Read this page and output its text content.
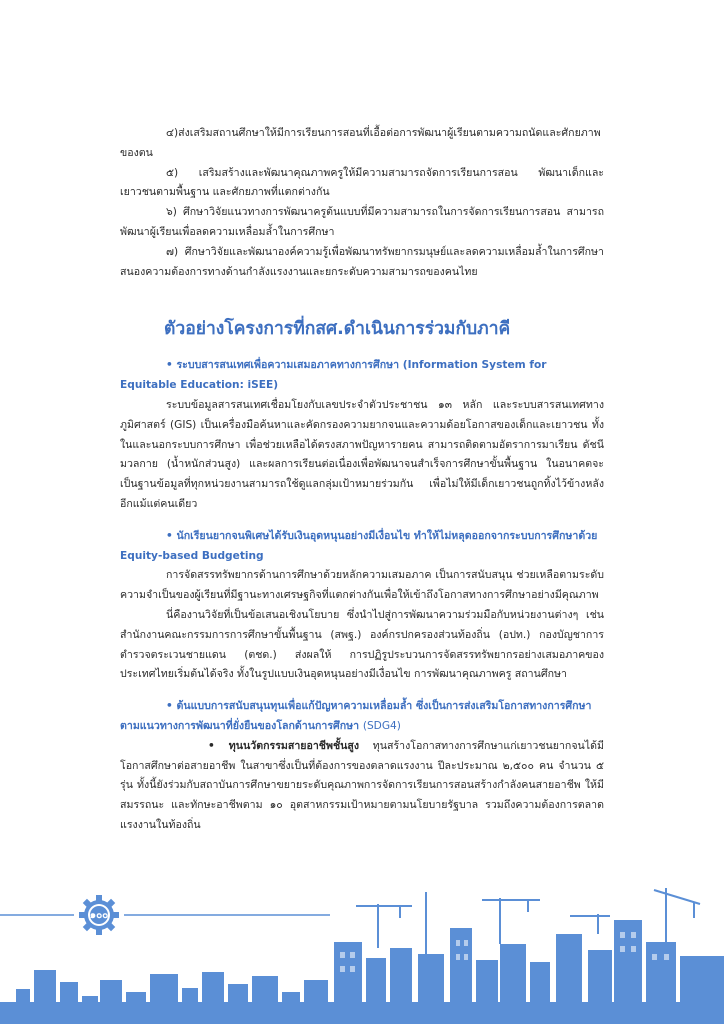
๔)ส่งเสริมสถานศึกษาให้มีการเรียนการสอนที่เอื้อต่อการพัฒนาผู้เรียนตามความถนัดและศักยภาพของตน

๕) เสริมสร้างและพัฒนาคุณภาพครูให้มีความสามารถจัดการเรียนการสอน พัฒนาเด็กและเยาวชนตามพื้นฐาน และศักยภาพที่แตกต่างกัน

๖) ศึกษาวิจัยแนวทางการพัฒนาครูต้นแบบที่มีความสามารถในการจัดการเรียนการสอน สามารถพัฒนาผู้เรียนเพื่อลดความเหลื่อมล้ำในการศึกษา

๗) ศึกษาวิจัยและพัฒนาองค์ความรู้เพื่อพัฒนาทรัพยากรมนุษย์และลดความเหลื่อมล้ำในการศึกษาสนองความต้องการทางด้านกำลังแรงงานและยกระดับความสามารถของคนไทย

ตัวอย่างโครงการที่กสศ.ดำเนินการร่วมกับภาคี
• ระบบสารสนเทศเพื่อความเสมอภาคทางการศึกษา (Information System for Equitable Education: iSEE)

ระบบข้อมูลสารสนเทศเชื่อมโยงกับเลขประจำตัวประชาชน ๑๓ หลัก และระบบสารสนเทศทางภูมิศาสตร์ (GIS) เป็นเครื่องมือค้นหาและคัดกรองความยากจนและความด้อยโอกาสของเด็กและเยาวชน ทั้งในและนอกระบบการศึกษา เพื่อช่วยเหลือได้ตรงสภาพปัญหารายคน สามารถติดตามอัตราการมาเรียน ดัชนีมวลกาย (น้ำหนักส่วนสูง) และผลการเรียนต่อเนื่องเพื่อพัฒนาจนสำเร็จการศึกษาขั้นพื้นฐาน ในอนาคตจะเป็นฐานข้อมูลที่ทุกหน่วยงานสามารถใช้ดูแลกลุ่มเป้าหมายร่วมกัน เพื่อไม่ให้มีเด็กเยาวชนถูกทิ้งไว้ข้างหลังอีกแม้แต่คนเดียว

• นักเรียนยากจนพิเศษได้รับเงินอุดหนุนอย่างมีเงื่อนไข ทำให้ไม่หลุดออกจากระบบการศึกษาด้วย Equity-based Budgeting

การจัดสรรทรัพยากรด้านการศึกษาด้วยหลักความเสมอภาค เป็นการสนับสนุน ช่วยเหลือตามระดับความจำเป็นของผู้เรียนที่มีฐานะทางเศรษฐกิจที่แตกต่างกันเพื่อให้เข้าถึงโอกาสทางการศึกษาอย่างมีคุณภาพ

นี่คืองานวิจัยที่เป็นข้อเสนอเชิงนโยบาย ซึ่งนำไปสู่การพัฒนาความร่วมมือกับหน่วยงานต่างๆ เช่น สำนักงานคณะกรรมการการศึกษาขั้นพื้นฐาน (สพฐ.) องค์กรปกครองส่วนท้องถิ่น (อปท.) กองบัญชาการตำรวจตระเวนชายแดน (ตชด.) ส่งผลให้ การปฏิรูประบวนการจัดสรรทรัพยากรอย่างเสมอภาคของประเทศไทยเริ่มต้นได้จริง ทั้งในรูปแบบเงินอุดหนุนอย่างมีเงื่อนไข การพัฒนาคุณภาพครู สถานศึกษา

• ต้นแบบการสนับสนุนทุนเพื่อแก้ปัญหาความเหลื่อมล้ำ ซึ่งเป็นการส่งเสริมโอกาสทางการศึกษาตามแนวทางการพัฒนาที่ยั่งยืนของโลกด้านการศึกษา (SDG4)

• ทุนนวัตกรรมสายอาชีพชั้นสูง ทุนสร้างโอกาสทางการศึกษาแก่เยาวชนยากจนได้มีโอกาสศึกษาต่อสายอาชีพ ในสาขาซึ่งเป็นที่ต้องการของตลาดแรงงาน ปีละประมาณ ๒,๕๐๐ คน จำนวน ๕ รุ่น ทั้งนี้ยังร่วมกับสถาบันการศึกษาขยายระดับคุณภาพการจัดการเรียนการสอนสร้างกำลังคนสายอาชีพ ให้มีสมรรถนะ และทักษะอาชีพตาม ๑๐ อุตสาหกรรมเป้าหมายตามนโยบายรัฐบาล รวมถึงความต้องการตลาดแรงงานในท้องถิ่น

๑๐๐
